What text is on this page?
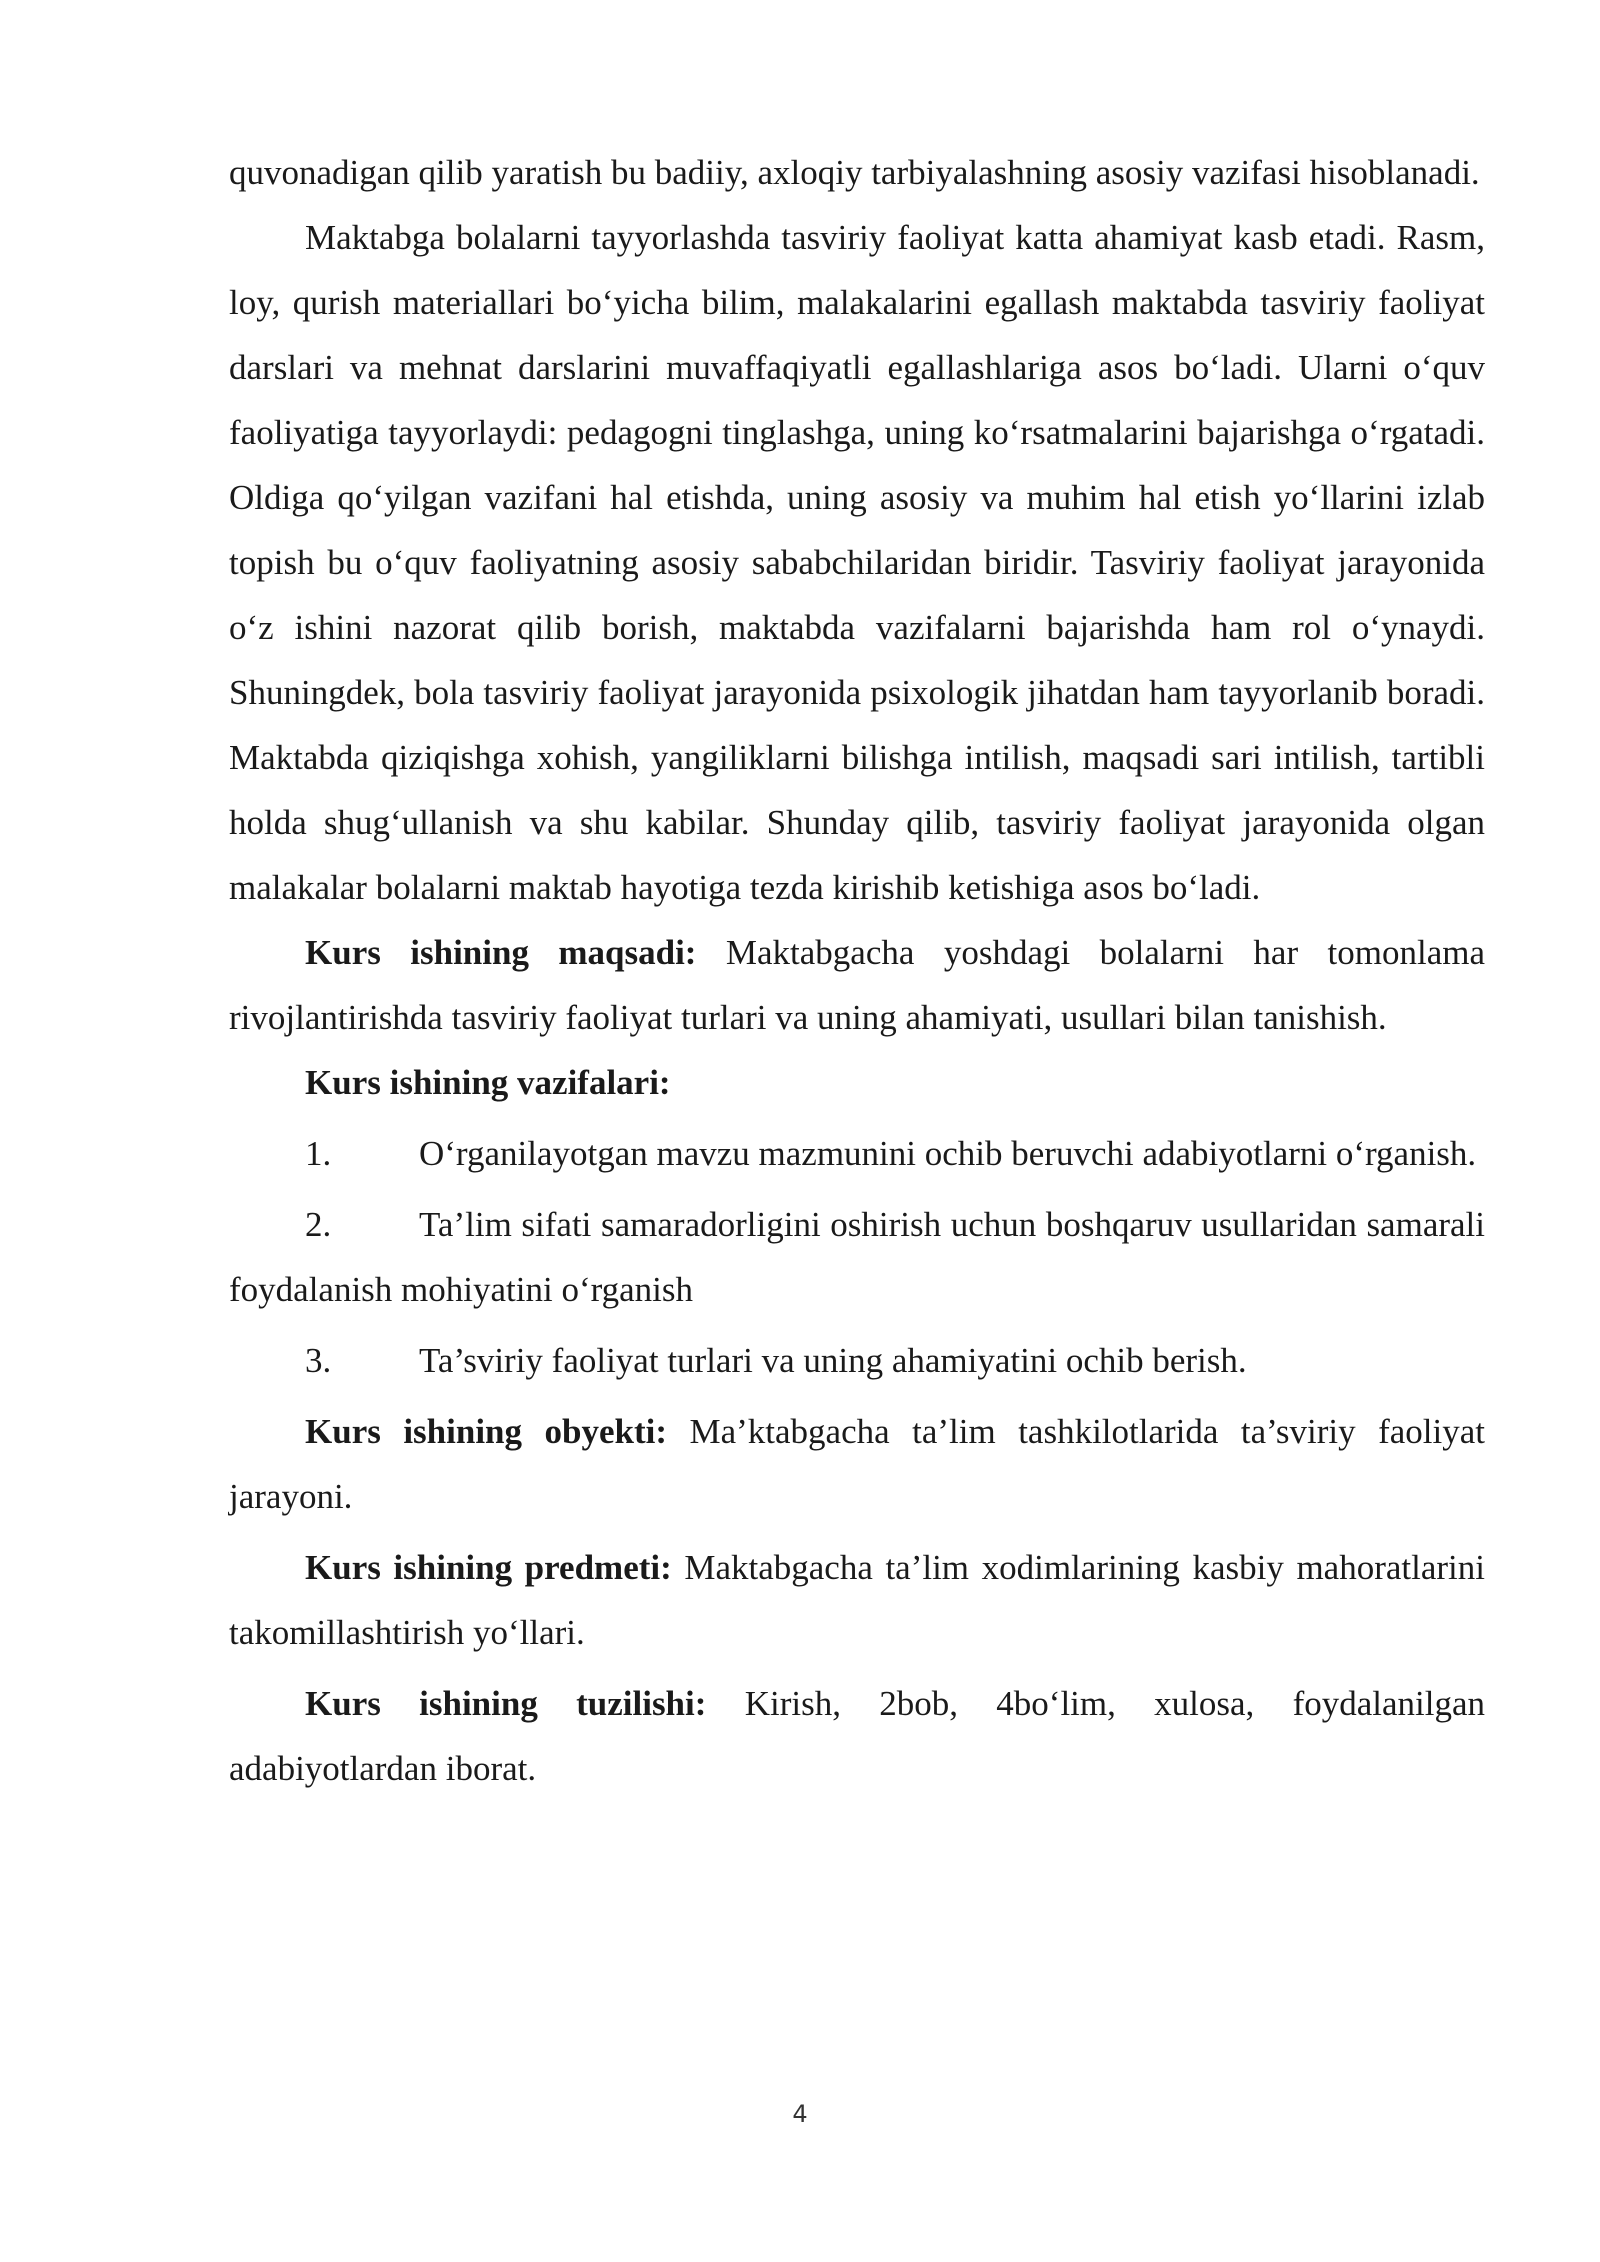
quvonadigan qilib yaratish bu badiiy, axloqiy tarbiyalashning asosiy vazifasi hisoblanadi.

Maktabga bolalarni tayyorlashda tasviriy faoliyat katta ahamiyat kasb etadi. Rasm, loy, qurish materiallari bo‘yicha bilim, malakalarini egallash maktabda tasviriy faoliyat darslari va mehnat darslarini muvaffaqiyatli egallashlariga asos bo‘ladi. Ularni o‘quv faoliyatiga tayyorlaydi: pedagogni tinglashga, uning ko‘rsatmalarini bajarishga o‘rgatadi. Oldiga qo‘yilgan vazifani hal etishda, uning asosiy va muhim hal etish yo‘llarini izlab topish bu o‘quv faoliyatning asosiy sababchilaridan biridir. Tasviriy faoliyat jarayonida o‘z ishini nazorat qilib borish, maktabda vazifalarni bajarishda ham rol o‘ynaydi. Shuningdek, bola tasviriy faoliyat jarayonida psixologik jihatdan ham tayyorlanib boradi. Maktabda qiziqishga xohish, yangiliklarni bilishga intilish, maqsadi sari intilish, tartibli holda shug‘ullanish va shu kabilar. Shunday qilib, tasviriy faoliyat jarayonida olgan malakalar bolalarni maktab hayotiga tezda kirishib ketishiga asos bo‘ladi.

Kurs ishining maqsadi: Maktabgacha yoshdagi bolalarni har tomonlama rivojlantirishda tasviriy faoliyat turlari va uning ahamiyati, usullari bilan tanishish.

Kurs ishining vazifalari:

1.	O‘rganilayotgan mavzu mazmunini ochib beruvchi adabiyotlarni o‘rganish.
2.	Ta’lim sifati samaradorligini oshirish uchun boshqaruv usullaridan samarali      foydalanish mohiyatini o‘rganish
3.	Ta’sviriy faoliyat turlari va uning ahamiyatini ochib berish.

Kurs ishining obyekti: Ma’ktabgacha ta’lim tashkilotlarida ta’sviriy faoliyat jarayoni.

Kurs ishining predmeti: Maktabgacha ta’lim xodimlarining kasbiy mahoratlarini takomillashtirish yo‘llari.

Kurs ishining tuzilishi: Kirish, 2bob, 4bo‘lim, xulosa, foydalanilgan adabiyotlardan iborat.

4
